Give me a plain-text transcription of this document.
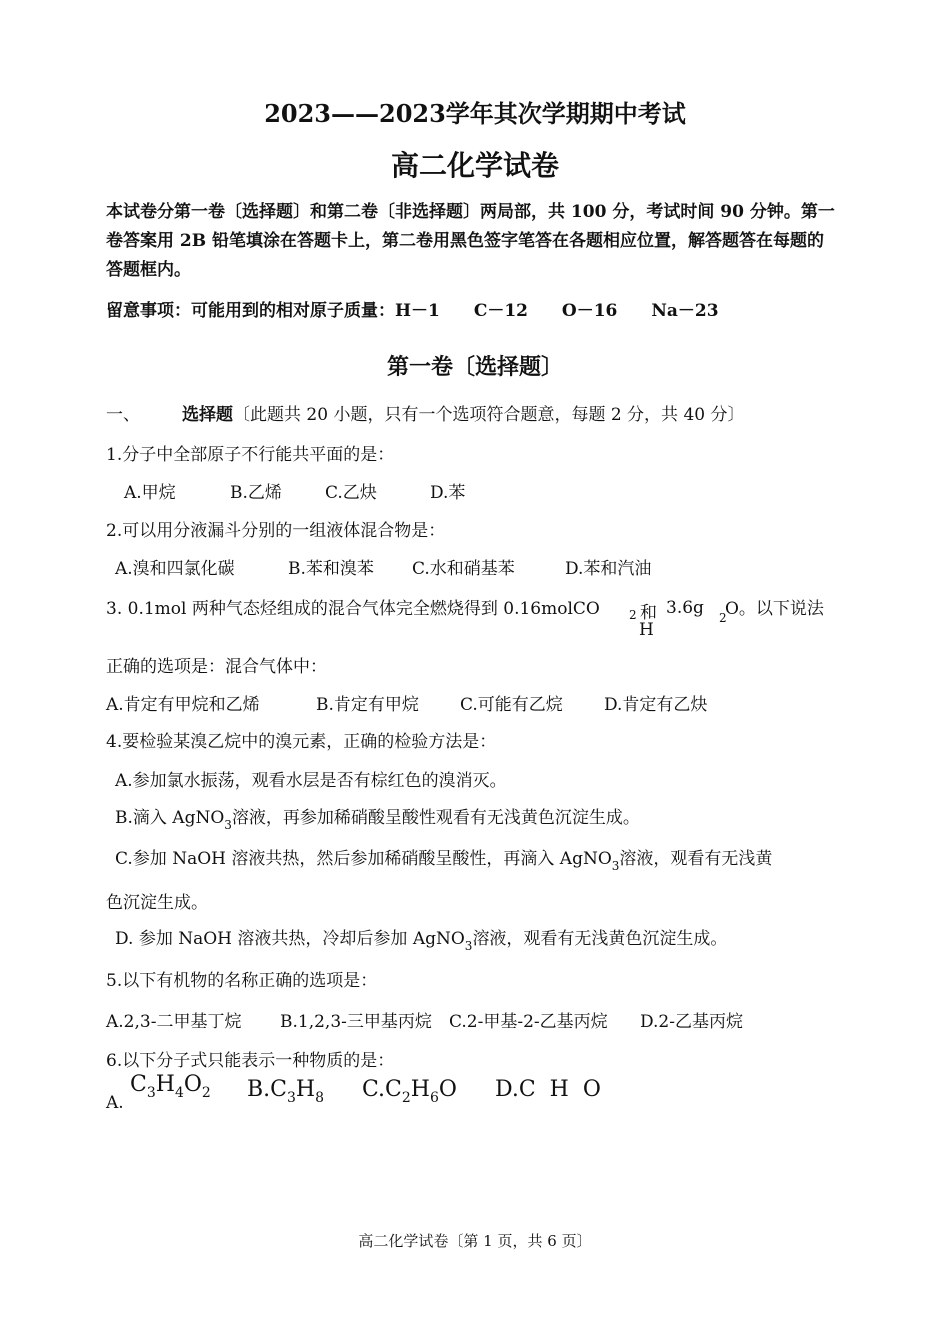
2023——2023学年其次学期期中考试
高二化学试卷
本试卷分第一卷〔选择题〕和第二卷〔非选择题〕两局部，共 100 分，考试时间 90 分钟。第一卷答案用 2B 铅笔填涂在答题卡上，第二卷用黑色签字笔答在各题相应位置，解答题答在每题的答题框内。
留意事项：可能用到的相对原子质量：H－1 C－12 O－16 Na－23
第一卷〔选择题〕
一、 选择题〔此题共 20 小题，只有一个选项符合题意，每题 2 分，共 40 分〕
1.分子中全部原子不行能共平面的是：
A.甲烷	B.乙烯	C.乙炔	D.苯
2.可以用分液漏斗分别的一组液体混合物是：
A.溴和四氯化碳	B.苯和溴苯 C.水和硝基苯	D.苯和汽油
3. 0.1mol 两种气态烃组成的混合气体完全燃烧得到 0.16molCO 2 和 3.6g
H
2
O。以下说法
正确的选项是：混合气体中：
A.肯定有甲烷和乙烯	B.肯定有甲烷 C.可能有乙烷 D.肯定有乙炔
4.要检验某溴乙烷中的溴元素，正确的检验方法是：
A.参加氯水振荡，观看水层是否有棕红色的溴消灭。
B.滴入 AgNO$_3$溶液，再参加稀硝酸呈酸性观看有无浅黄色沉淀生成。
C.参加 NaOH 溶液共热，然后参加稀硝酸呈酸性，再滴入 AgNO$_3$溶液，观看有无浅黄
色沉淀生成。
D. 参加 NaOH 溶液共热，冷却后参加 AgNO$_3$溶液，观看有无浅黄色沉淀生成。
5.以下有机物的名称正确的选项是：
A.2,3-二甲基丁烷 B.1,2,3-三甲基丙烷 C.2-甲基-2-乙基丙烷 D.2-乙基丙烷
6.以下分子式只能表示一种物质的是：
A.
$C_3H_4O_2$ $B.C_3H_8$ $C.C_2H_6O$ D.C  H  O
高二化学试卷〔第 1 页，共 6 页〕
